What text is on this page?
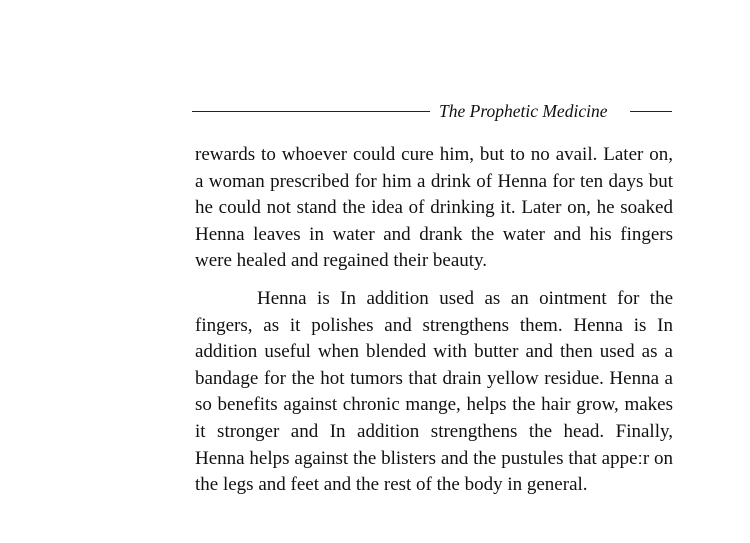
The Prophetic Medicine

rewards to whoever could cure him, but to no avail. Later on, a woman prescribed for him a drink of Henna for ten days but he could not stand the idea of drinking it. Later on, he soaked Henna leaves in water and drank the water and his fingers were healed and regained their beauty.

Henna is In addition used as an ointment for the fingers, as it polishes and strengthens them. Henna is In addition useful when blended with butter and then used as a bandage for the hot tumors that drain yellow residue. Henna a so benefits against chronic mange, helps the hair grow, makes it stronger and In addition strengthens the head. Finally, Henna helps against the blisters and the pustules that appeːr on the legs and feet and the rest of the body in general.
